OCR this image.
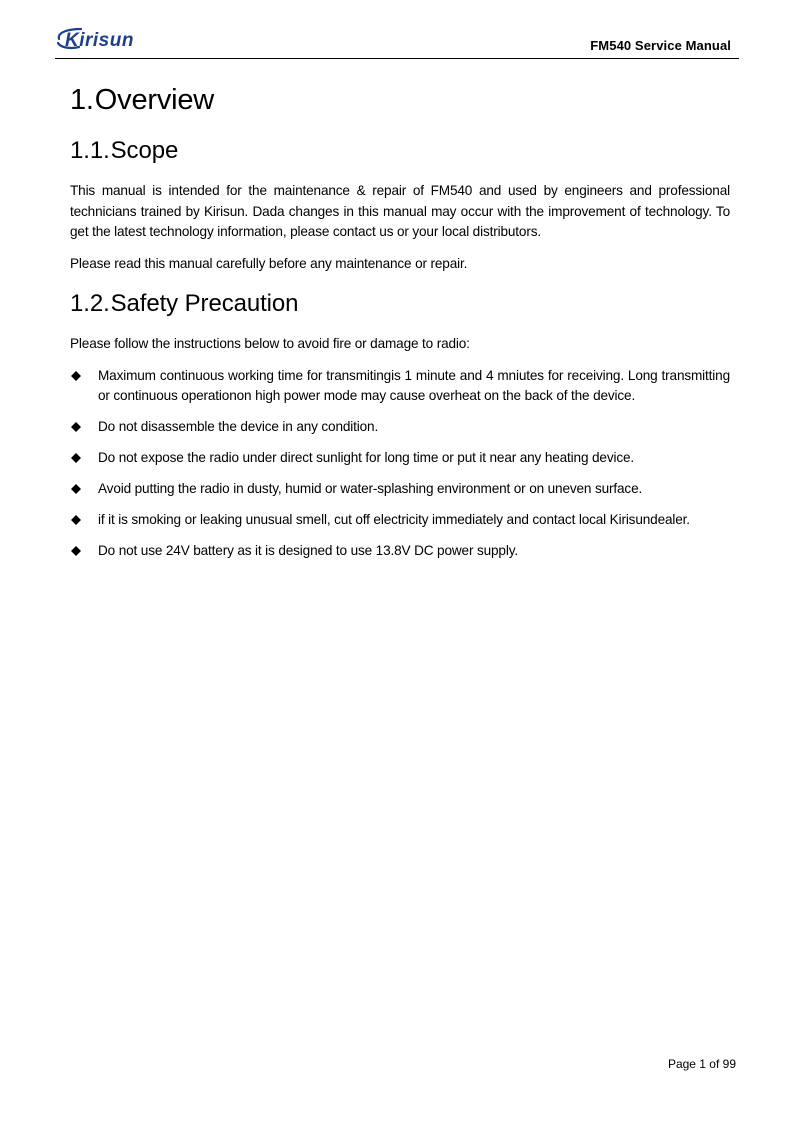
Kirisun	FM540 Service Manual
1.Overview
1.1.Scope

This manual is intended for the maintenance & repair of FM540 and used by engineers and professional technicians trained by Kirisun. Dada changes in this manual may occur with the improvement of technology. To get the latest technology information, please contact us or your local distributors.

Please read this manual carefully before any maintenance or repair.

1.2.Safety Precaution

Please follow the instructions below to avoid fire or damage to radio:

Maximum continuous working time for transmitingis 1 minute and 4 mniutes for receiving. Long transmitting or continuous operationon high power mode may cause overheat on the back of the device.
Do not disassemble the device in any condition.
Do not expose the radio under direct sunlight for long time or put it near any heating device.
Avoid putting the radio in dusty, humid or water-splashing environment or on uneven surface.
if it is smoking or leaking unusual smell, cut off electricity immediately and contact local Kirisundealer.
Do not use 24V battery as it is designed to use 13.8V DC power supply.
Page 1 of 99
